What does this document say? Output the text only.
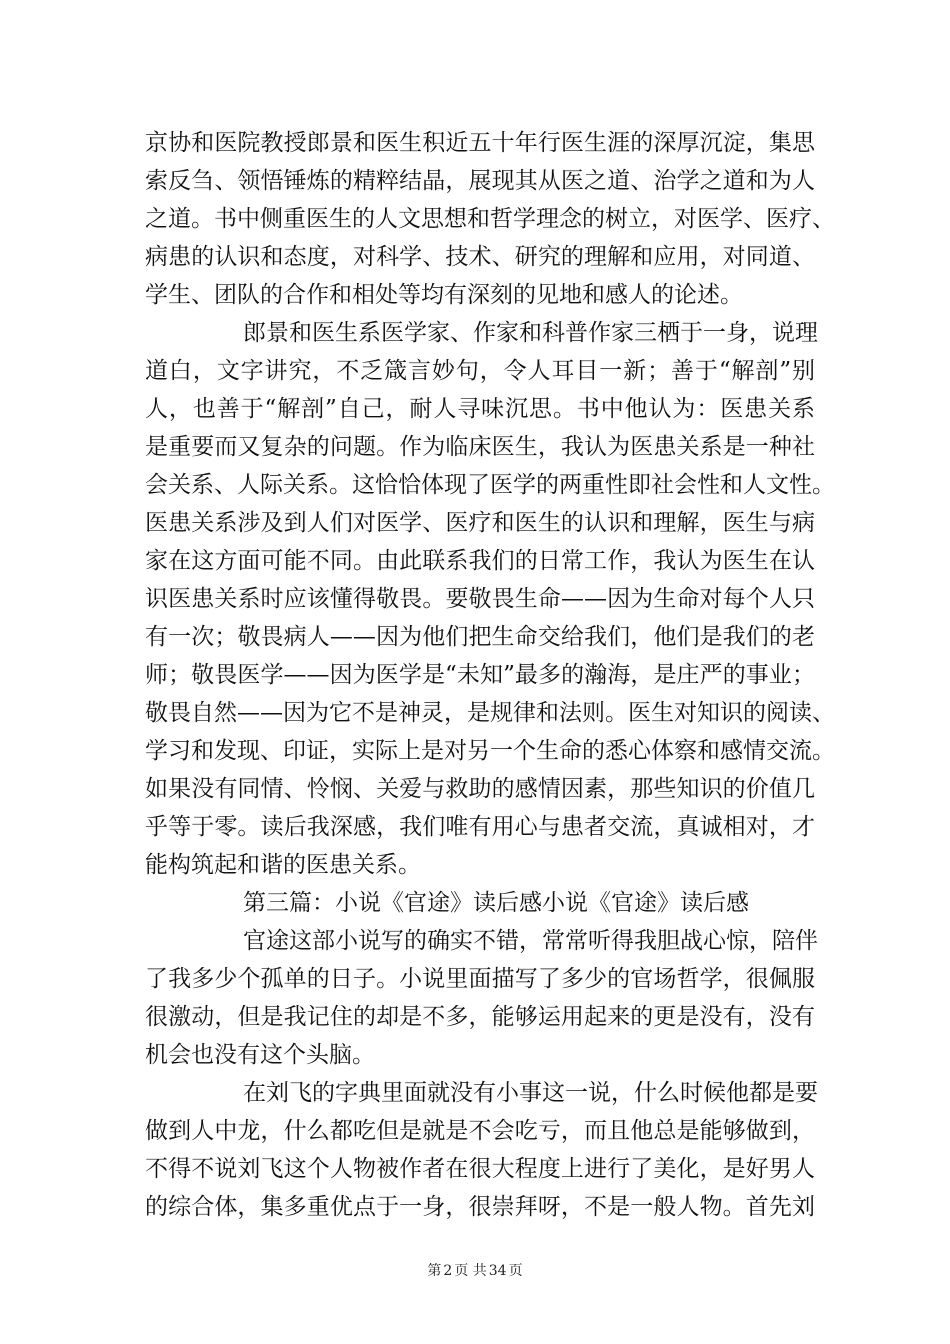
京协和医院教授郎景和医生积近五十年行医生涯的深厚沉淀，集思
索反刍、领悟锤炼的精粹结晶，展现其从医之道、治学之道和为人
之道。书中侧重医生的人文思想和哲学理念的树立，对医学、医疗、
病患的认识和态度，对科学、技术、研究的理解和应用，对同道、
学生、团队的合作和相处等均有深刻的见地和感人的论述。
郎景和医生系医学家、作家和科普作家三栖于一身，说理
道白，文字讲究，不乏箴言妙句，令人耳目一新；善于“解剖”别
人，也善于“解剖”自己，耐人寻味沉思。书中他认为：医患关系
是重要而又复杂的问题。作为临床医生，我认为医患关系是一种社
会关系、人际关系。这恰恰体现了医学的两重性即社会性和人文性。
医患关系涉及到人们对医学、医疗和医生的认识和理解，医生与病
家在这方面可能不同。由此联系我们的日常工作，我认为医生在认
识医患关系时应该懂得敬畏。要敬畏生命——因为生命对每个人只
有一次；敬畏病人——因为他们把生命交给我们，他们是我们的老
师；敬畏医学——因为医学是“未知”最多的瀚海，是庄严的事业；
敬畏自然——因为它不是神灵，是规律和法则。医生对知识的阅读、
学习和发现、印证，实际上是对另一个生命的悉心体察和感情交流。
如果没有同情、怜悯、关爱与救助的感情因素，那些知识的价值几
乎等于零。读后我深感，我们唯有用心与患者交流，真诚相对，才
能构筑起和谐的医患关系。
第三篇：小说《官途》读后感小说《官途》读后感
官途这部小说写的确实不错，常常听得我胆战心惊，陪伴
了我多少个孤单的日子。小说里面描写了多少的官场哲学，很佩服
很激动，但是我记住的却是不多，能够运用起来的更是没有，没有
机会也没有这个头脑。
在刘飞的字典里面就没有小事这一说，什么时候他都是要
做到人中龙，什么都吃但是就是不会吃亏，而且他总是能够做到，
不得不说刘飞这个人物被作者在很大程度上进行了美化，是好男人
的综合体，集多重优点于一身，很崇拜呀，不是一般人物。首先刘
第 2 页 共 34 页
